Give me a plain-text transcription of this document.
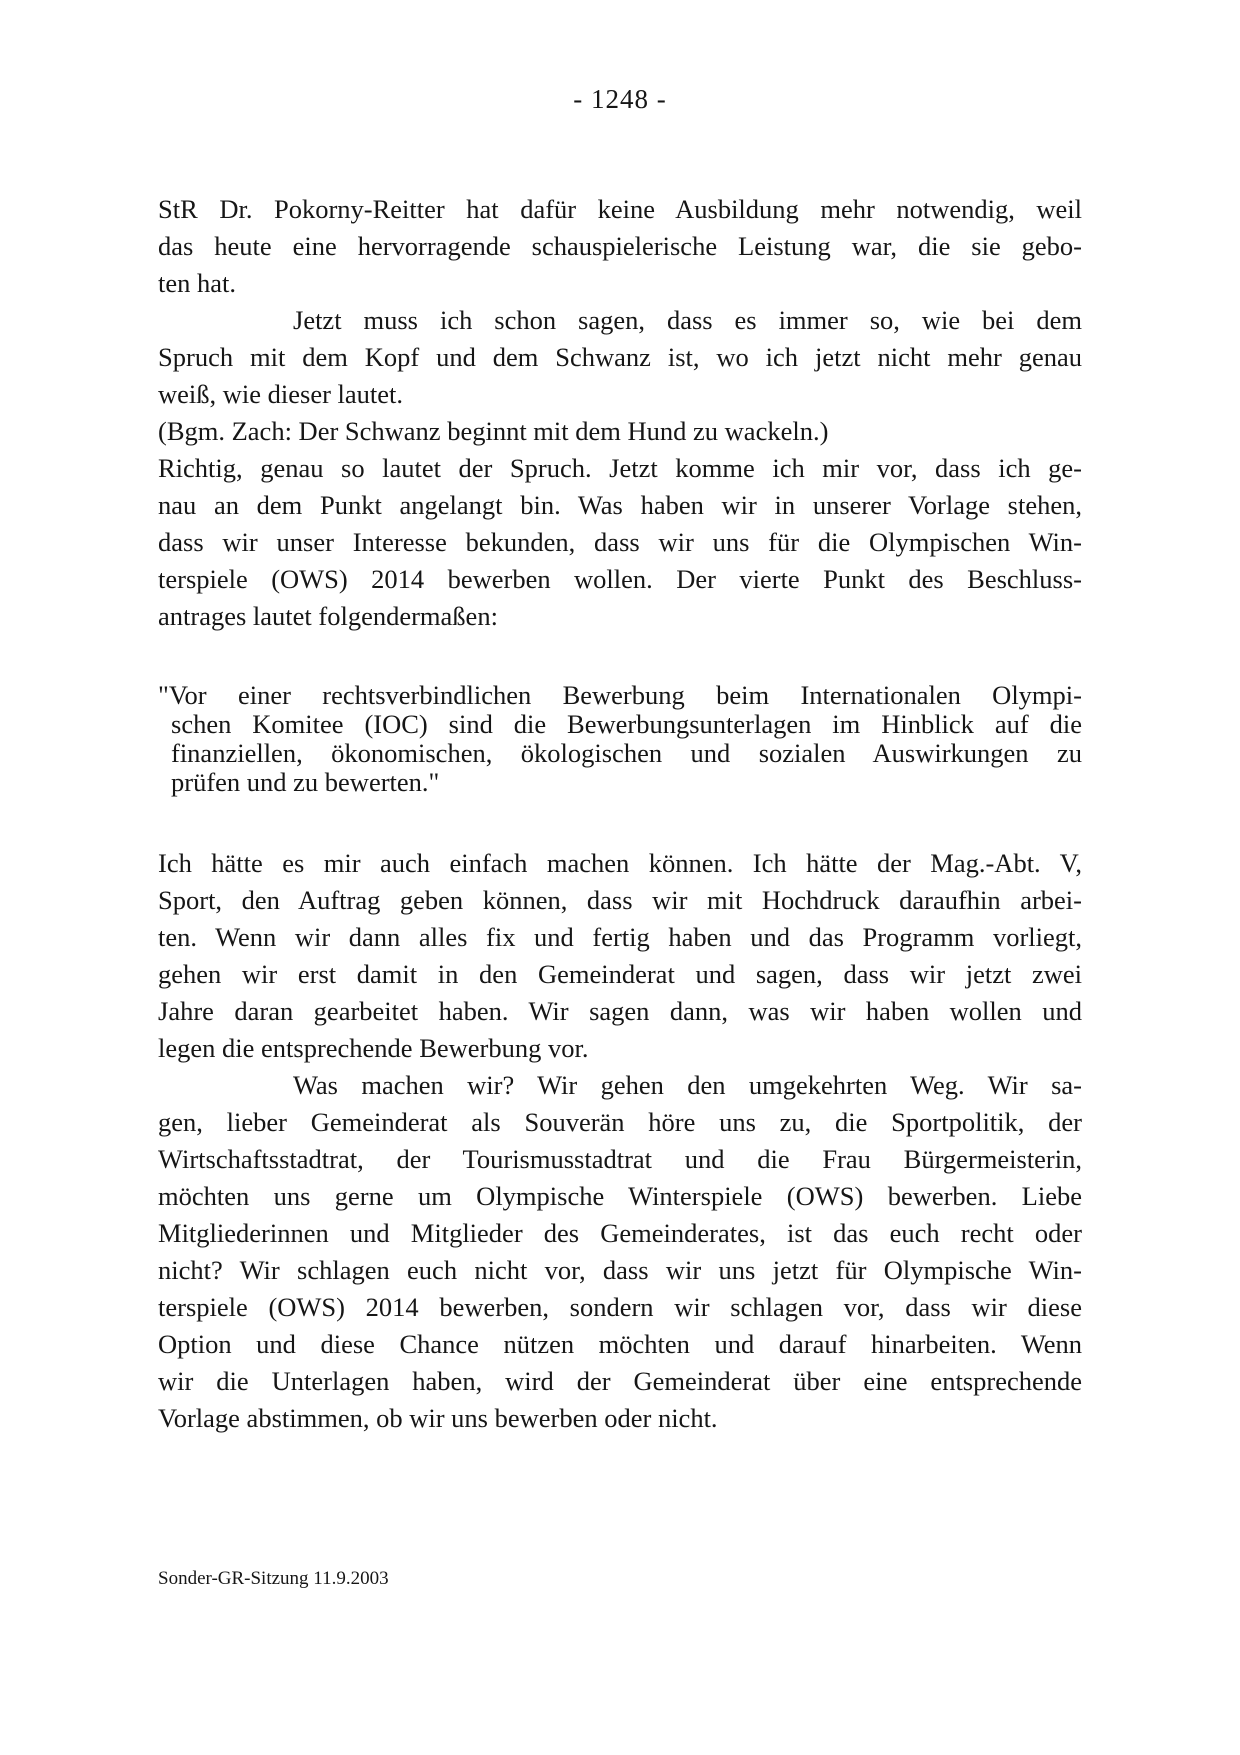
- 1248 -
StR Dr. Pokorny-Reitter hat dafür keine Ausbildung mehr notwendig, weil
das heute eine hervorragende schauspielerische Leistung war, die sie gebo-
ten hat.
Jetzt muss ich schon sagen, dass es immer so, wie bei dem
Spruch mit dem Kopf und dem Schwanz ist, wo ich jetzt nicht mehr genau
weiß, wie dieser lautet.
(Bgm. Zach: Der Schwanz beginnt mit dem Hund zu wackeln.)
Richtig, genau so lautet der Spruch. Jetzt komme ich mir vor, dass ich ge-
nau an dem Punkt angelangt bin. Was haben wir in unserer Vorlage stehen,
dass wir unser Interesse bekunden, dass wir uns für die Olympischen Win-
terspiele (OWS) 2014 bewerben wollen. Der vierte Punkt des Beschluss-
antrages lautet folgendermaßen:
"Vor einer rechtsverbindlichen Bewerbung beim Internationalen Olympi-
schen Komitee (IOC) sind die Bewerbungsunterlagen im Hinblick auf die
finanziellen, ökonomischen, ökologischen und sozialen Auswirkungen zu
prüfen und zu bewerten."
Ich hätte es mir auch einfach machen können. Ich hätte der Mag.-Abt. V,
Sport, den Auftrag geben können, dass wir mit Hochdruck daraufhin arbei-
ten. Wenn wir dann alles fix und fertig haben und das Programm vorliegt,
gehen wir erst damit in den Gemeinderat und sagen, dass wir jetzt zwei
Jahre daran gearbeitet haben. Wir sagen dann, was wir haben wollen und
legen die entsprechende Bewerbung vor.
Was machen wir? Wir gehen den umgekehrten Weg. Wir sa-
gen, lieber Gemeinderat als Souverän höre uns zu, die Sportpolitik, der
Wirtschaftsstadtrat, der Tourismusstadtrat und die Frau Bürgermeisterin,
möchten uns gerne um Olympische Winterspiele (OWS) bewerben. Liebe
Mitgliederinnen und Mitglieder des Gemeinderates, ist das euch recht oder
nicht? Wir schlagen euch nicht vor, dass wir uns jetzt für Olympische Win-
terspiele (OWS) 2014 bewerben, sondern wir schlagen vor, dass wir diese
Option und diese Chance nützen möchten und darauf hinarbeiten. Wenn
wir die Unterlagen haben, wird der Gemeinderat über eine entsprechende
Vorlage abstimmen, ob wir uns bewerben oder nicht.
Sonder-GR-Sitzung 11.9.2003
